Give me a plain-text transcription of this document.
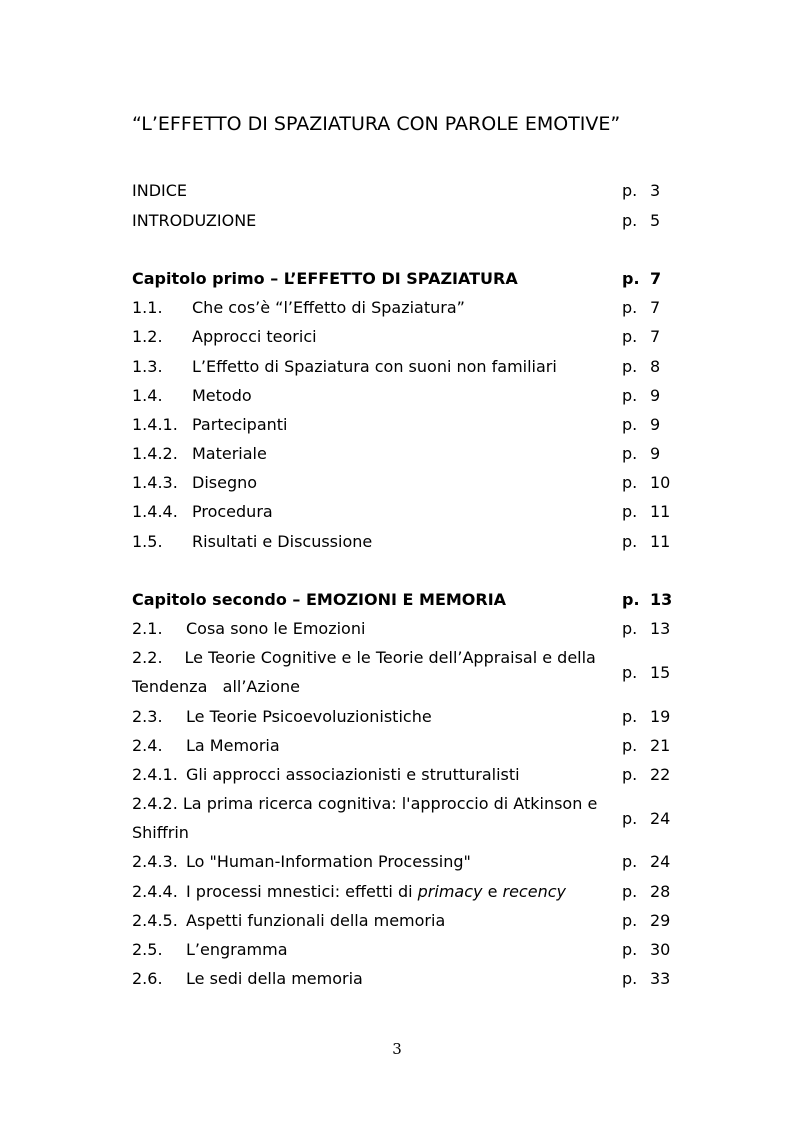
“L’EFFETTO DI SPAZIATURA CON PAROLE EMOTIVE”
INDICE	p. 3
INTRODUZIONE	p. 5
Capitolo primo – L’EFFETTO DI SPAZIATURA	p. 7
1.1. Che cos’è “l’Effetto di Spaziatura”	p. 7
1.2. Approcci teorici	p. 7
1.3. L’Effetto di Spaziatura con suoni non familiari	p. 8
1.4. Metodo	p. 9
1.4.1. Partecipanti	p. 9
1.4.2. Materiale	p. 9
1.4.3. Disegno	p. 10
1.4.4. Procedura	p. 11
1.5. Risultati e Discussione	p. 11
Capitolo secondo – EMOZIONI E MEMORIA	p. 13
2.1. Cosa sono le Emozioni	p. 13
2.2. Le Teorie Cognitive e le Teorie dell’Appraisal e della Tendenza   all’Azione
p. 15
2.3. Le Teorie Psicoevoluzionistiche	p. 19
2.4. La Memoria	p. 21
2.4.1. Gli approcci associazionisti e strutturalisti	p. 22
2.4.2. La prima ricerca cognitiva: l'approccio di Atkinson e Shiffrin
p. 24
2.4.3. Lo "Human-Information Processing"	p. 24
2.4.4. I processi mnestici: effetti di primacy e recency	p. 28
2.4.5. Aspetti funzionali della memoria	p. 29
2.5. L’engramma	p. 30
2.6. Le sedi della memoria	p. 33
3
